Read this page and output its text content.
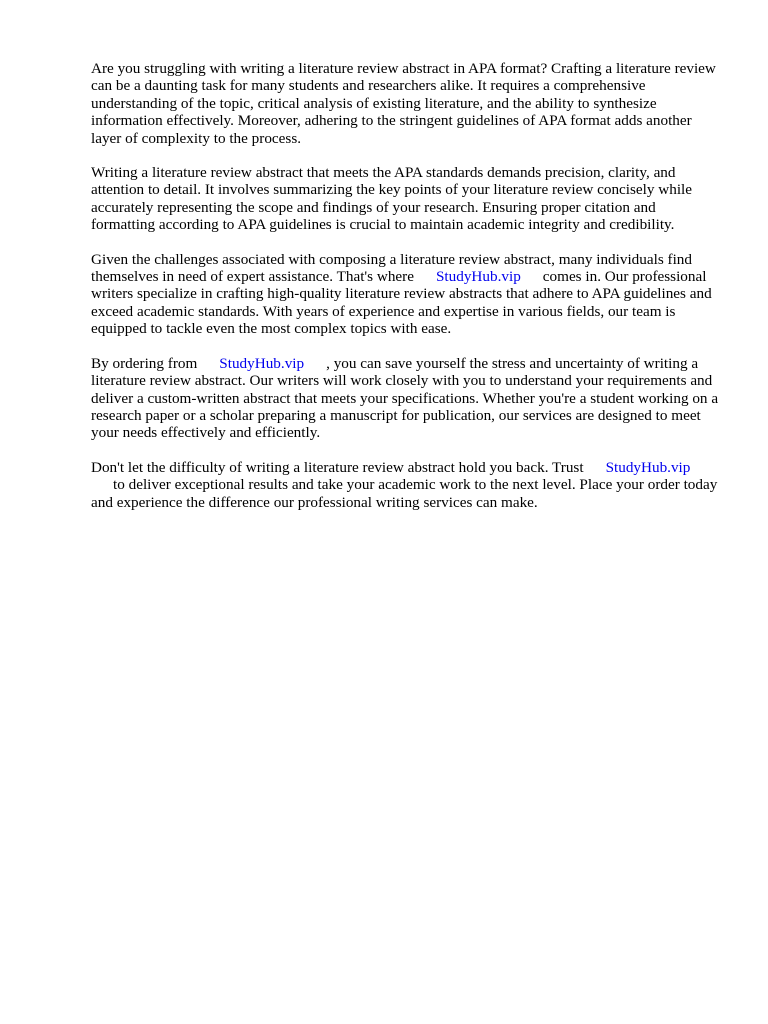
Are you struggling with writing a literature review abstract in APA format? Crafting a literature review can be a daunting task for many students and researchers alike. It requires a comprehensive understanding of the topic, critical analysis of existing literature, and the ability to synthesize information effectively. Moreover, adhering to the stringent guidelines of APA format adds another layer of complexity to the process.

Writing a literature review abstract that meets the APA standards demands precision, clarity, and attention to detail. It involves summarizing the key points of your literature review concisely while accurately representing the scope and findings of your research. Ensuring proper citation and formatting according to APA guidelines is crucial to maintain academic integrity and credibility.

Given the challenges associated with composing a literature review abstract, many individuals find themselves in need of expert assistance. That's where StudyHub.vip comes in. Our professional writers specialize in crafting high-quality literature review abstracts that adhere to APA guidelines and exceed academic standards. With years of experience and expertise in various fields, our team is equipped to tackle even the most complex topics with ease.

By ordering from StudyHub.vip , you can save yourself the stress and uncertainty of writing a literature review abstract. Our writers will work closely with you to understand your requirements and deliver a custom-written abstract that meets your specifications. Whether you're a student working on a research paper or a scholar preparing a manuscript for publication, our services are designed to meet your needs effectively and efficiently.

Don't let the difficulty of writing a literature review abstract hold you back. Trust StudyHub.vip
to deliver exceptional results and take your academic work to the next level. Place your order today and experience the difference our professional writing services can make.
